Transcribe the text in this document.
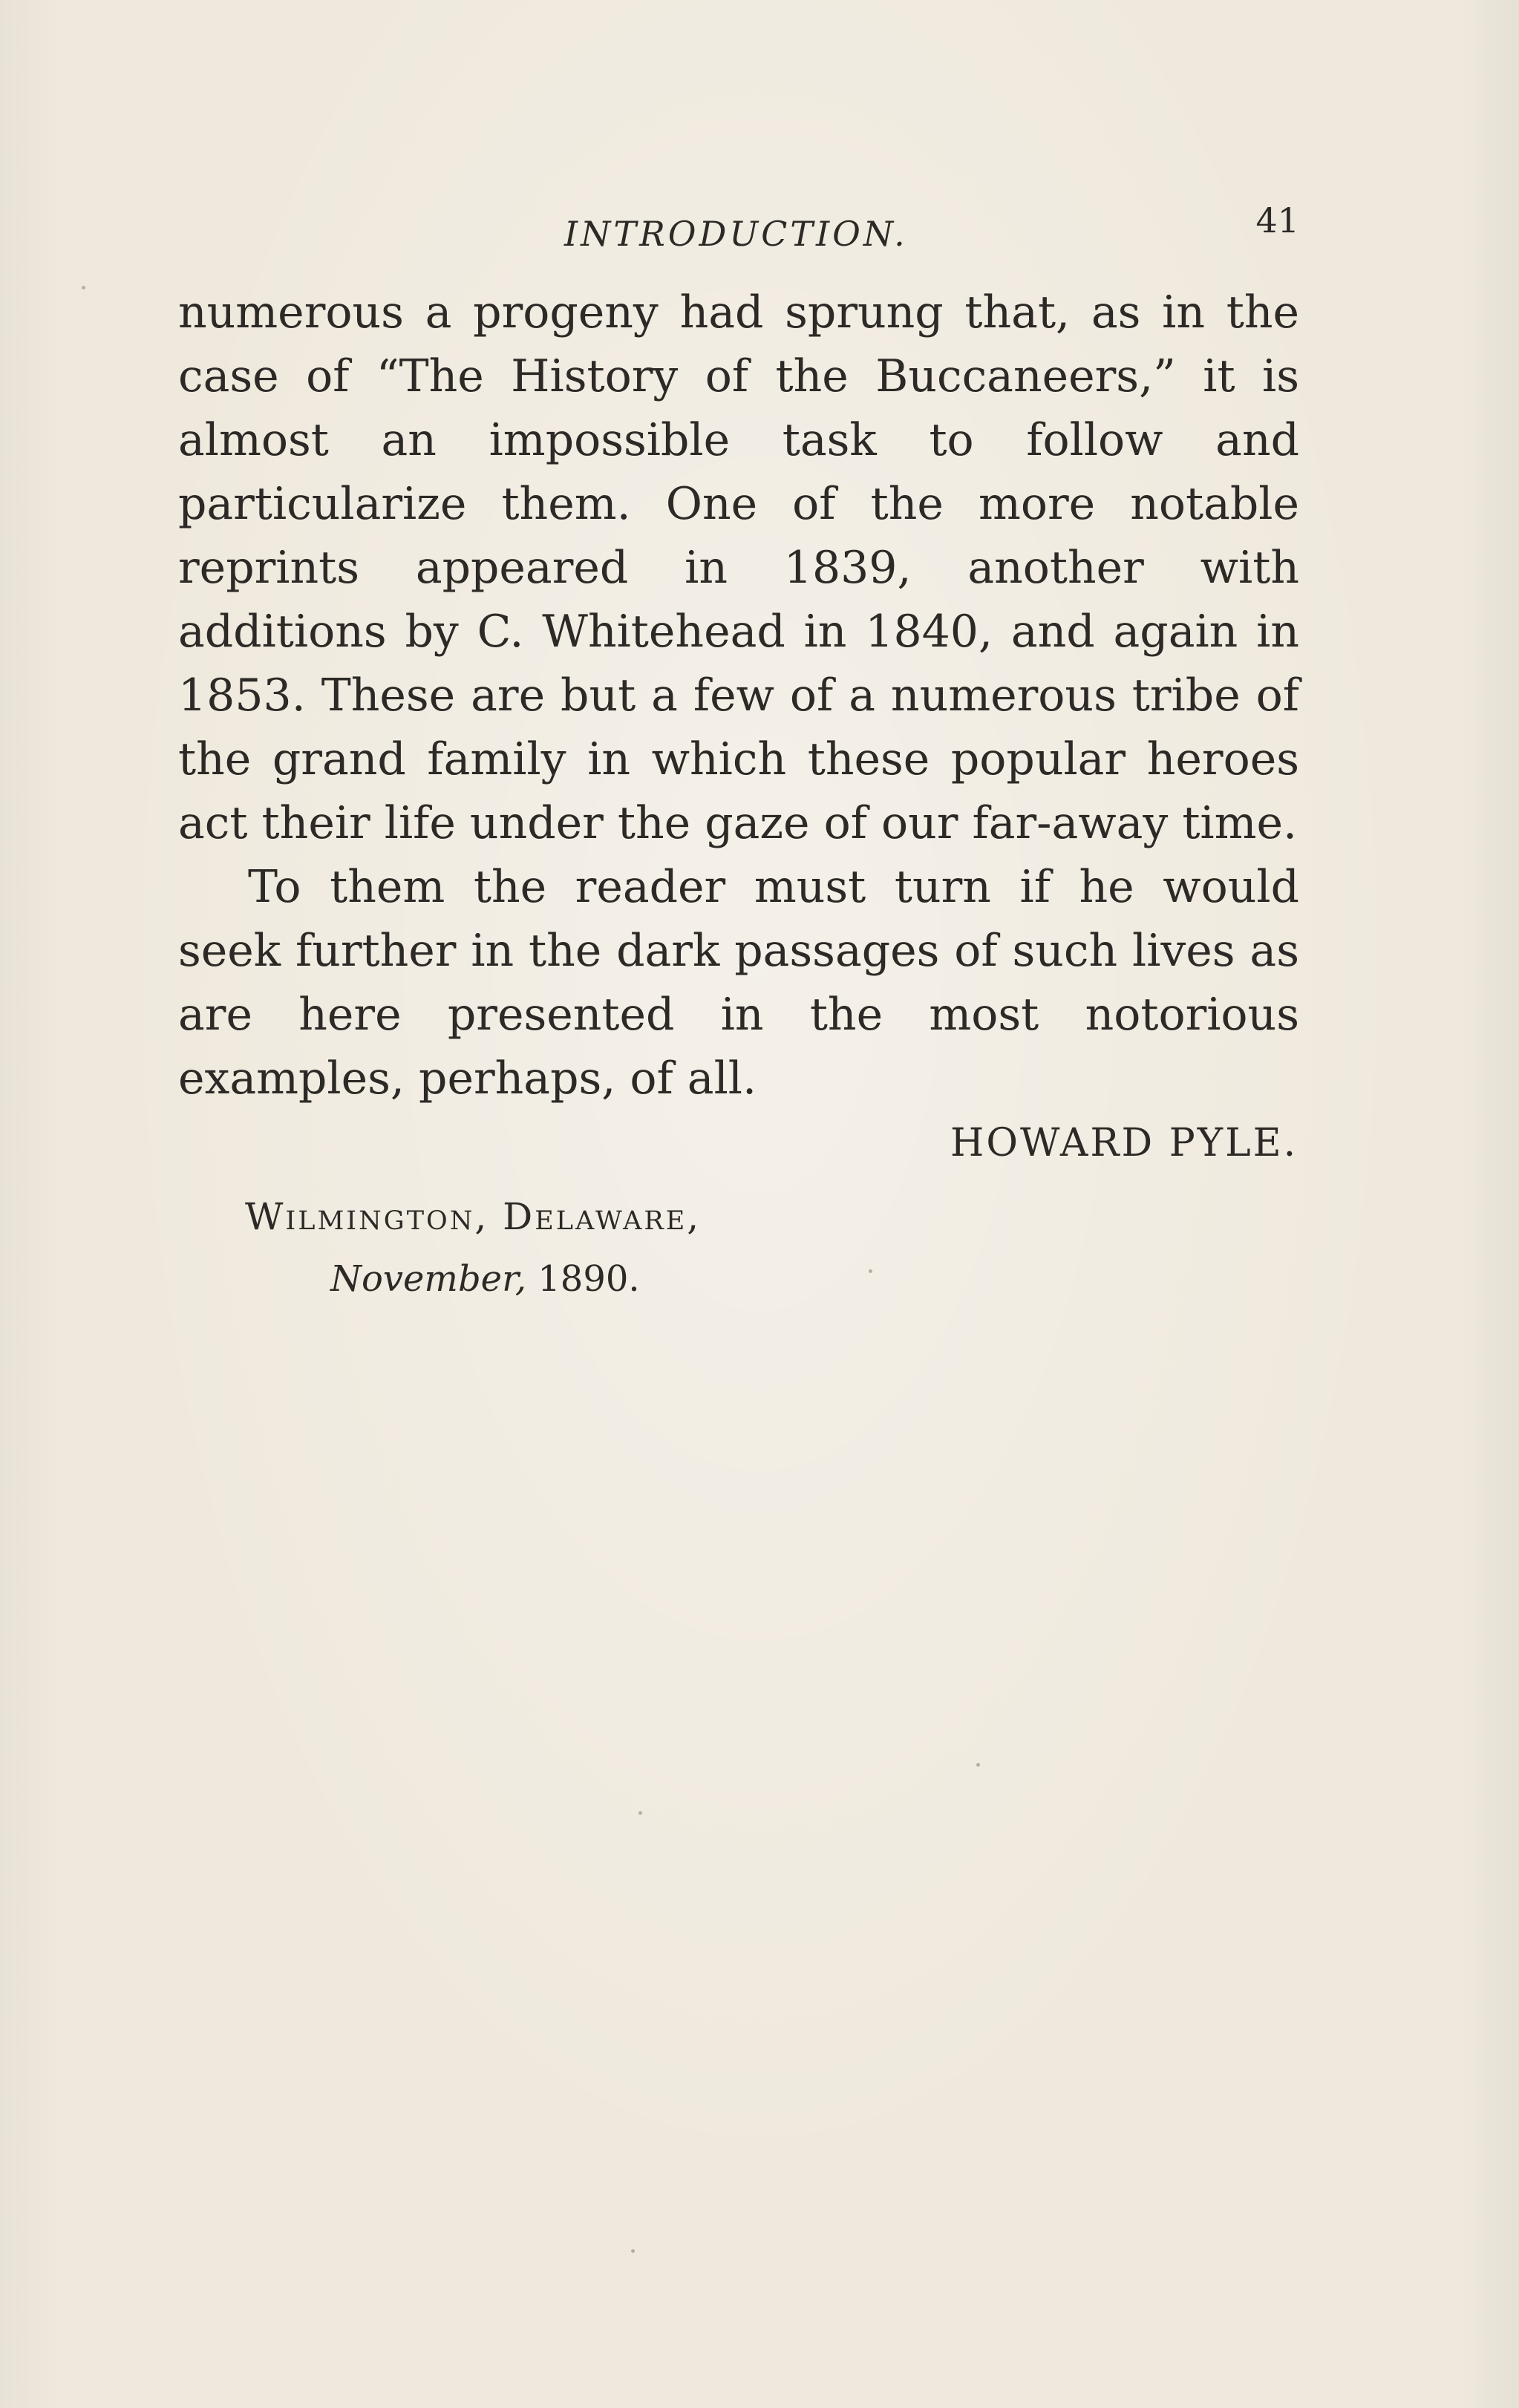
INTRODUCTION.	41

numerous a progeny had sprung that, as in the case of “The History of the Buccaneers,” it is almost an impossible task to follow and particularize them. One of the more notable reprints appeared in 1839, another with additions by C. Whitehead in 1840, and again in 1853. These are but a few of a numerous tribe of the grand family in which these popular heroes act their life under the gaze of our far-away time.

To them the reader must turn if he would seek further in the dark passages of such lives as are here presented in the most notorious examples, perhaps, of all.

HOWARD PYLE.
Wilmington, Delaware,
November, 1890.
